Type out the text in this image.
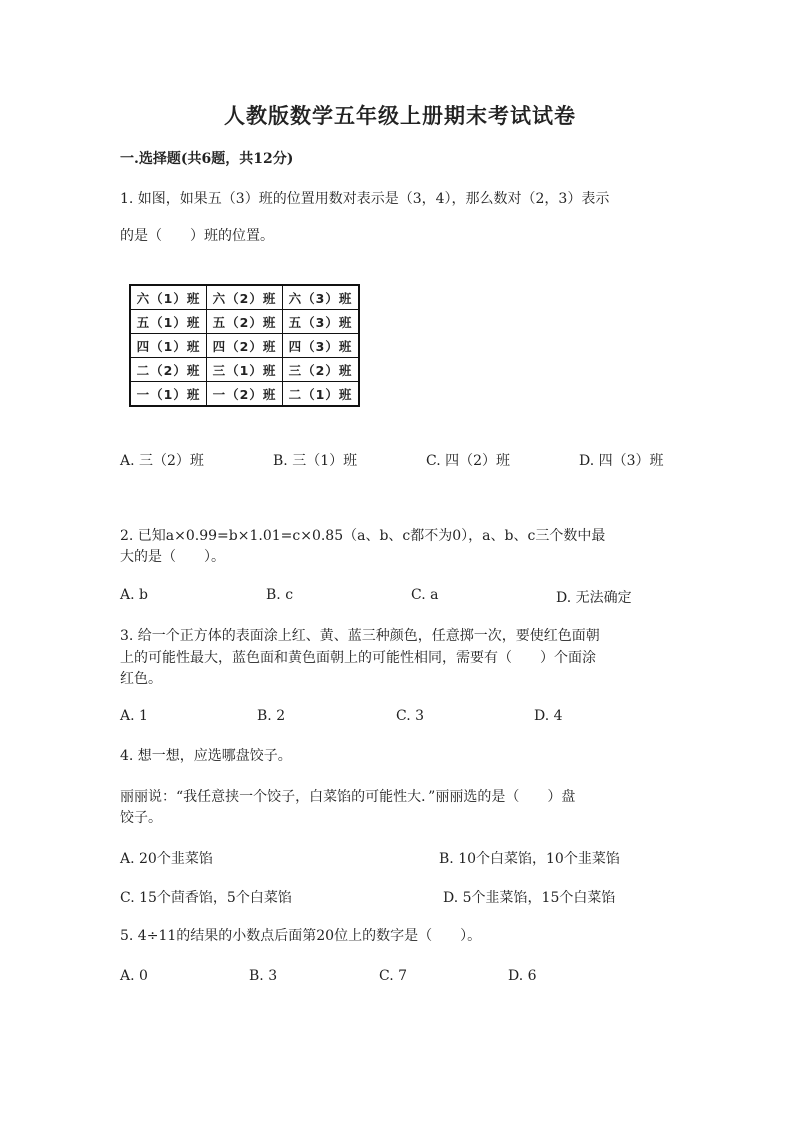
人教版数学五年级上册期末考试试卷
一.选择题(共6题，共12分)
1. 如图，如果五（3）班的位置用数对表示是（3，4），那么数对（2，3）表示
的是（　　）班的位置。
六（1）班	六（2）班	六（3）班
五（1）班	五（2）班	五（3）班
四（1）班	四（2）班	四（3）班
二（2）班	三（1）班	三（2）班
一（1）班	一（2）班	二（1）班
A. 三（2）班	B. 三（1）班	C. 四（2）班	D. 四（3）班
2. 已知a×0.99=b×1.01=c×0.85（a、b、c都不为0），a、b、c三个数中最
大的是（　　）。
A. b	B. c	C. a	D. 无法确定
3. 给一个正方体的表面涂上红、黄、蓝三种颜色，任意掷一次，要使红色面朝
上的可能性最大，蓝色面和黄色面朝上的可能性相同，需要有（　　）个面涂
红色。
A. 1	B. 2	C. 3	D. 4
4. 想一想，应选哪盘饺子。
丽丽说：“我任意挟一个饺子，白菜馅的可能性大．”丽丽选的是（　　）盘
饺子。
A. 20个韭菜馅	B. 10个白菜馅，10个韭菜馅
C. 15个茴香馅，5个白菜馅	D. 5个韭菜馅，15个白菜馅
5. 4÷11的结果的小数点后面第20位上的数字是（　　）。
A. 0	B. 3	C. 7	D. 6
